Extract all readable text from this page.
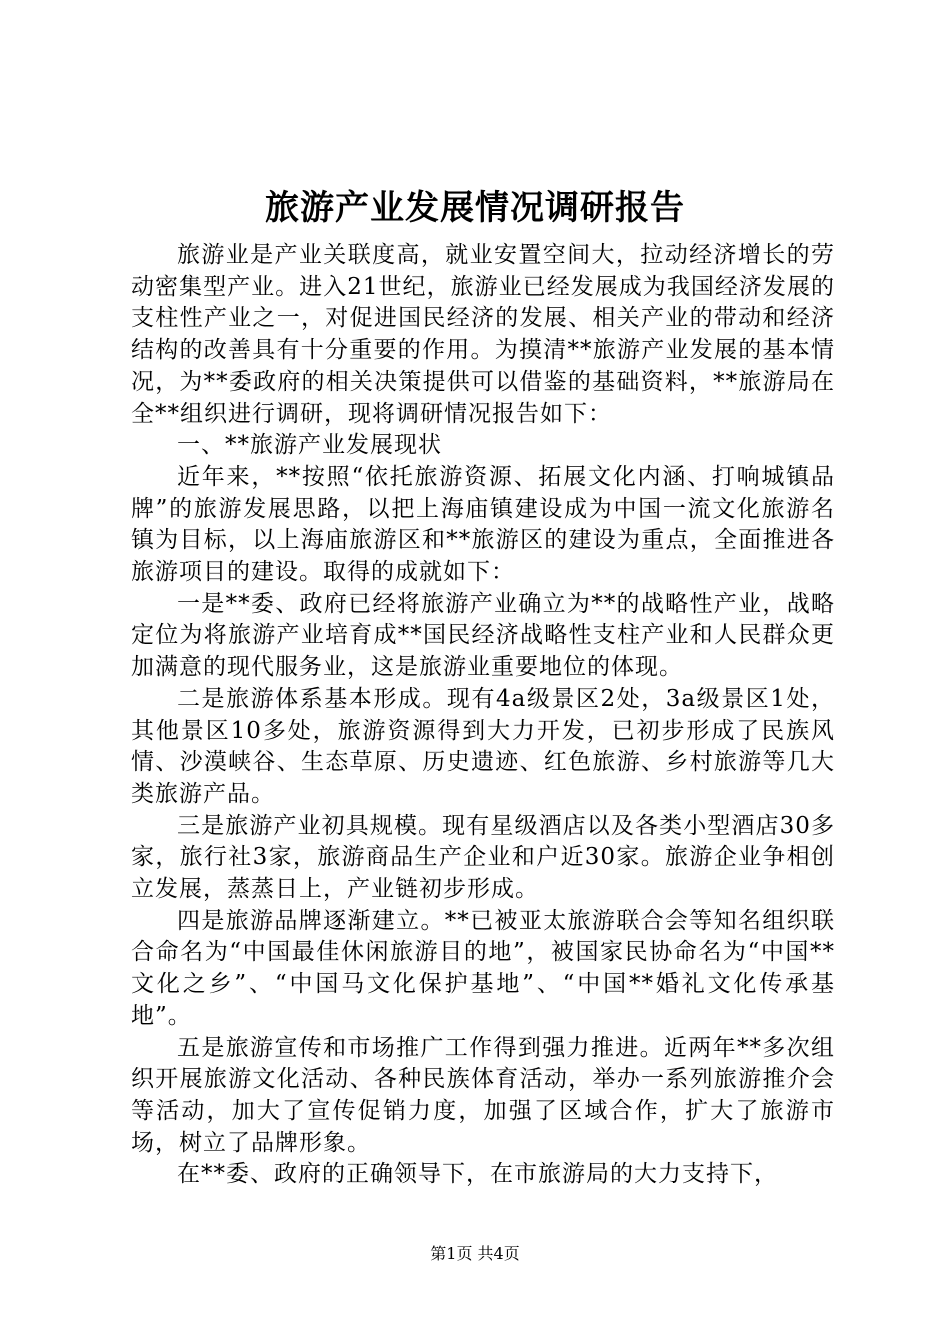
旅游产业发展情况调研报告

旅游业是产业关联度高，就业安置空间大，拉动经济增长的劳动密集型产业。进入21世纪，旅游业已经发展成为我国经济发展的支柱性产业之一，对促进国民经济的发展、相关产业的带动和经济结构的改善具有十分重要的作用。为摸清**旅游产业发展的基本情况，为**委政府的相关决策提供可以借鉴的基础资料，**旅游局在全**组织进行调研，现将调研情况报告如下：

一、**旅游产业发展现状

近年来，**按照“依托旅游资源、拓展文化内涵、打响城镇品牌”的旅游发展思路，以把上海庙镇建设成为中国一流文化旅游名镇为目标，以上海庙旅游区和**旅游区的建设为重点，全面推进各旅游项目的建设。取得的成就如下：

一是**委、政府已经将旅游产业确立为**的战略性产业，战略定位为将旅游产业培育成**国民经济战略性支柱产业和人民群众更加满意的现代服务业，这是旅游业重要地位的体现。

二是旅游体系基本形成。现有4a级景区2处，3a级景区1处，其他景区10多处，旅游资源得到大力开发，已初步形成了民族风情、沙漠峡谷、生态草原、历史遗迹、红色旅游、乡村旅游等几大类旅游产品。

三是旅游产业初具规模。现有星级酒店以及各类小型酒店30多家，旅行社3家，旅游商品生产企业和户近30家。旅游企业争相创立发展，蒸蒸日上，产业链初步形成。

四是旅游品牌逐渐建立。**已被亚太旅游联合会等知名组织联合命名为“中国最佳休闲旅游目的地”，被国家民协命名为“中国**文化之乡”、“中国马文化保护基地”、“中国**婚礼文化传承基地”。

五是旅游宣传和市场推广工作得到强力推进。近两年**多次组织开展旅游文化活动、各种民族体育活动，举办一系列旅游推介会等活动，加大了宣传促销力度，加强了区域合作，扩大了旅游市场，树立了品牌形象。

在**委、政府的正确领导下，在市旅游局的大力支持下，

第1页 共4页
